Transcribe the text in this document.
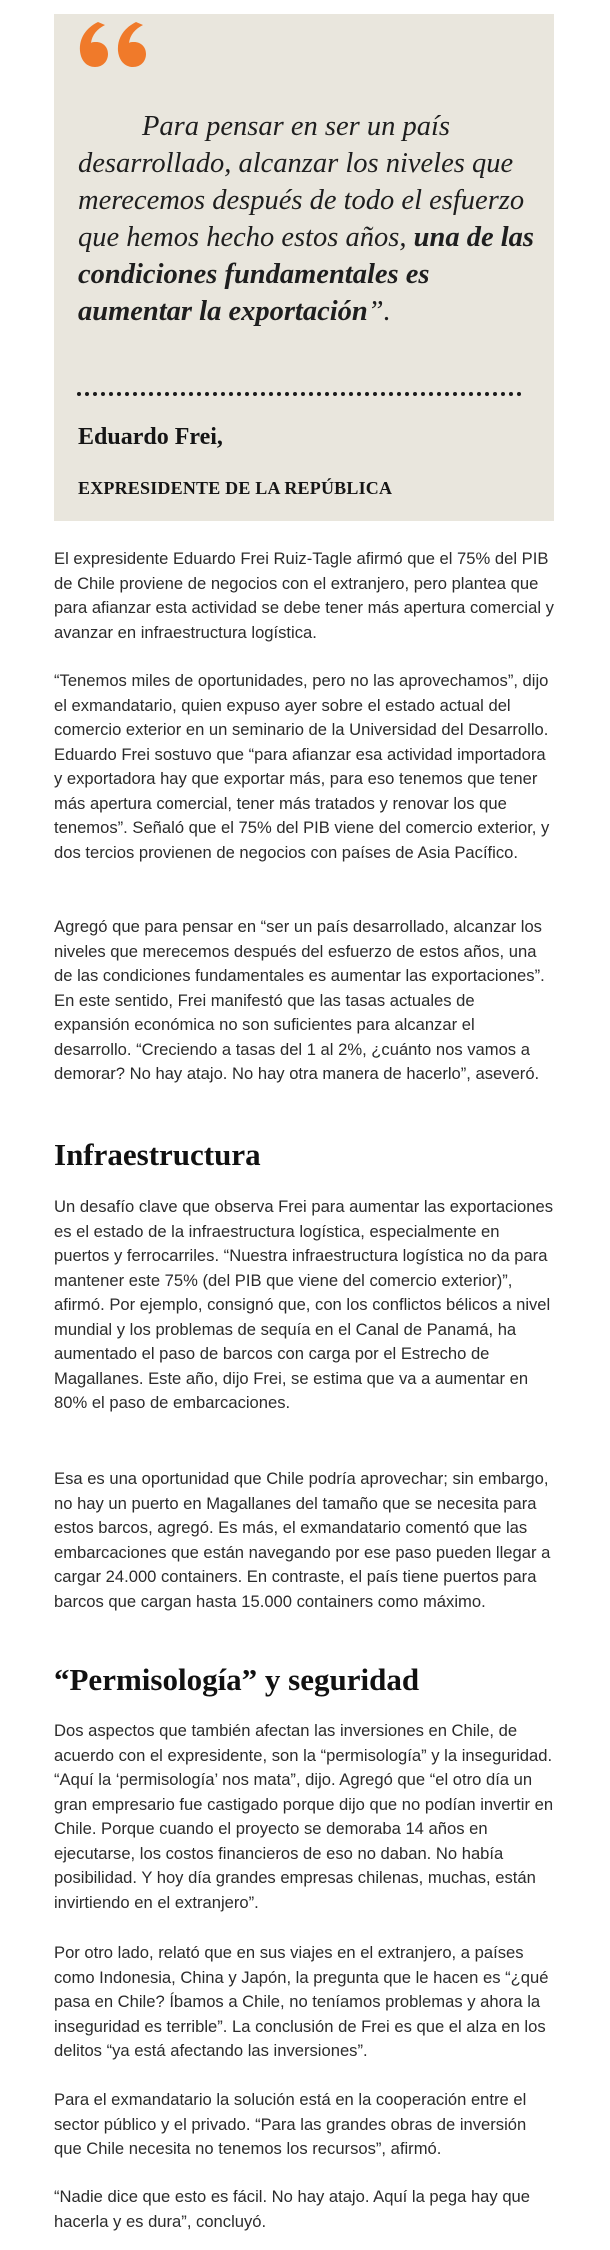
Para pensar en ser un país desarrollado, alcanzar los niveles que merecemos después de todo el esfuerzo que hemos hecho estos años, una de las condiciones fundamentales es aumentar la exportación”.

Eduardo Frei,

EXPRESIDENTE DE LA REPÚBLICA

El expresidente Eduardo Frei Ruiz-Tagle afirmó que el 75% del PIB de Chile proviene de negocios con el extranjero, pero plantea que para afianzar esta actividad se debe tener más apertura comercial y avanzar en infraestructura logística.

“Tenemos miles de oportunidades, pero no las aprovechamos”, dijo el exmandatario, quien expuso ayer sobre el estado actual del comercio exterior en un seminario de la Universidad del Desarrollo. Eduardo Frei sostuvo que “para afianzar esa actividad importadora y exportadora hay que exportar más, para eso tenemos que tener más apertura comercial, tener más tratados y renovar los que tenemos”. Señaló que el 75% del PIB viene del comercio exterior, y dos tercios provienen de negocios con países de Asia Pacífico.

Agregó que para pensar en “ser un país desarrollado, alcanzar los niveles que merecemos después del esfuerzo de estos años, una de las condiciones fundamentales es aumentar las exportaciones”. En este sentido, Frei manifestó que las tasas actuales de expansión económica no son suficientes para alcanzar el desarrollo. “Creciendo a tasas del 1 al 2%, ¿cuánto nos vamos a demorar? No hay atajo. No hay otra manera de hacerlo”, aseveró.

Infraestructura

Un desafío clave que observa Frei para aumentar las exportaciones es el estado de la infraestructura logística, especialmente en puertos y ferrocarriles. “Nuestra infraestructura logística no da para mantener este 75% (del PIB que viene del comercio exterior)”, afirmó. Por ejemplo, consignó que, con los conflictos bélicos a nivel mundial y los problemas de sequía en el Canal de Panamá, ha aumentado el paso de barcos con carga por el Estrecho de Magallanes. Este año, dijo Frei, se estima que va a aumentar en 80% el paso de embarcaciones.

Esa es una oportunidad que Chile podría aprovechar; sin embargo, no hay un puerto en Magallanes del tamaño que se necesita para estos barcos, agregó. Es más, el exmandatario comentó que las embarcaciones que están navegando por ese paso pueden llegar a cargar 24.000 containers. En contraste, el país tiene puertos para barcos que cargan hasta 15.000 containers como máximo.

“Permisología” y seguridad

Dos aspectos que también afectan las inversiones en Chile, de acuerdo con el expresidente, son la “permisología” y la inseguridad. “Aquí la ‘permisología’ nos mata”, dijo. Agregó que “el otro día un gran empresario fue castigado porque dijo que no podían invertir en Chile. Porque cuando el proyecto se demoraba 14 años en ejecutarse, los costos financieros de eso no daban. No había posibilidad. Y hoy día grandes empresas chilenas, muchas, están invirtiendo en el extranjero”.

Por otro lado, relató que en sus viajes en el extranjero, a países como Indonesia, China y Japón, la pregunta que le hacen es “¿qué pasa en Chile? Íbamos a Chile, no teníamos problemas y ahora la inseguridad es terrible”. La conclusión de Frei es que el alza en los delitos “ya está afectando las inversiones”.

Para el exmandatario la solución está en la cooperación entre el sector público y el privado. “Para las grandes obras de inversión que Chile necesita no tenemos los recursos”, afirmó.

“Nadie dice que esto es fácil. No hay atajo. Aquí la pega hay que hacerla y es dura”, concluyó.
